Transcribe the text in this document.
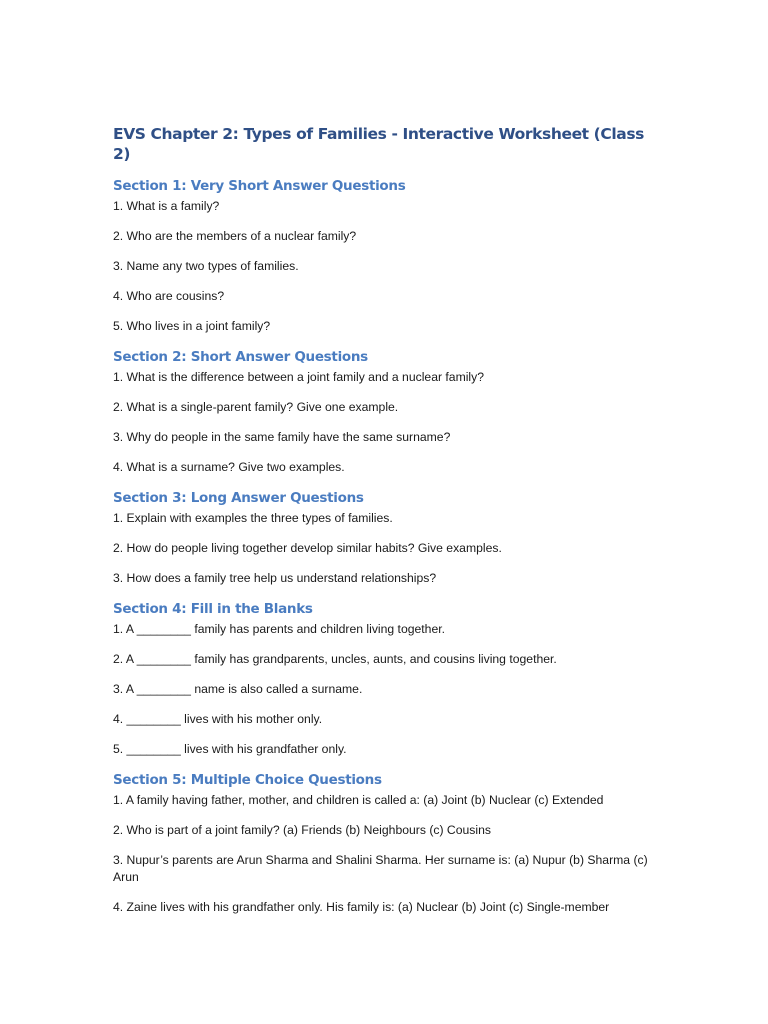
EVS Chapter 2: Types of Families - Interactive Worksheet (Class 2)
Section 1: Very Short Answer Questions

1. What is a family?

2. Who are the members of a nuclear family?

3. Name any two types of families.

4. Who are cousins?

5. Who lives in a joint family?

Section 2: Short Answer Questions

1. What is the difference between a joint family and a nuclear family?

2. What is a single-parent family? Give one example.

3. Why do people in the same family have the same surname?

4. What is a surname? Give two examples.

Section 3: Long Answer Questions

1. Explain with examples the three types of families.

2. How do people living together develop similar habits? Give examples.

3. How does a family tree help us understand relationships?

Section 4: Fill in the Blanks

1. A ________ family has parents and children living together.

2. A ________ family has grandparents, uncles, aunts, and cousins living together.

3. A ________ name is also called a surname.

4. ________ lives with his mother only.

5. ________ lives with his grandfather only.

Section 5: Multiple Choice Questions

1. A family having father, mother, and children is called a: (a) Joint (b) Nuclear (c) Extended

2. Who is part of a joint family? (a) Friends (b) Neighbours (c) Cousins

3. Nupur’s parents are Arun Sharma and Shalini Sharma. Her surname is: (a) Nupur (b) Sharma (c) Arun

4. Zaine lives with his grandfather only. His family is: (a) Nuclear (b) Joint (c) Single-member
